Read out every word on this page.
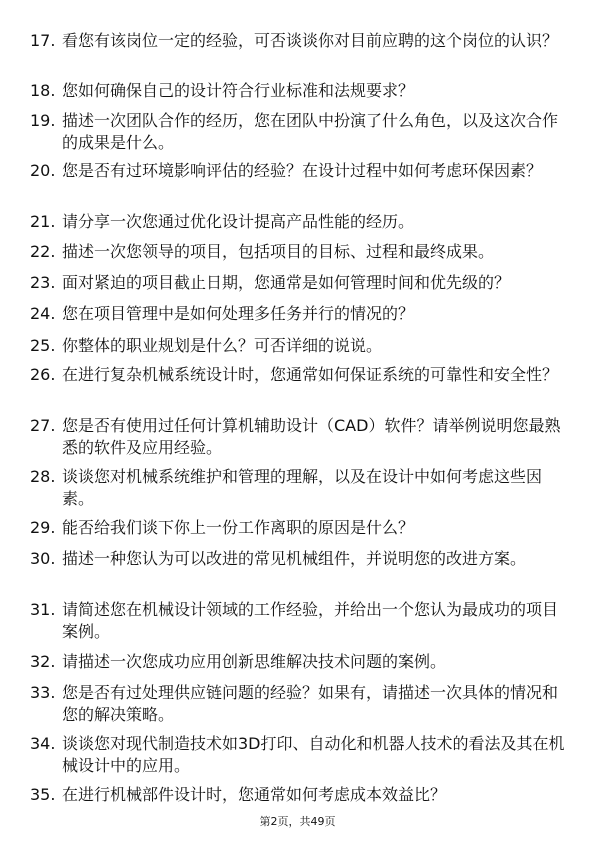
17. 看您有该岗位一定的经验，可否谈谈你对目前应聘的这个岗位的认识？
18. 您如何确保自己的设计符合行业标准和法规要求？
19. 描述一次团队合作的经历，您在团队中扮演了什么角色，以及这次合作的成果是什么。
20. 您是否有过环境影响评估的经验？在设计过程中如何考虑环保因素？
21. 请分享一次您通过优化设计提高产品性能的经历。
22. 描述一次您领导的项目，包括项目的目标、过程和最终成果。
23. 面对紧迫的项目截止日期，您通常是如何管理时间和优先级的？
24. 您在项目管理中是如何处理多任务并行的情况的？
25. 你整体的职业规划是什么？可否详细的说说。
26. 在进行复杂机械系统设计时，您通常如何保证系统的可靠性和安全性？
27. 您是否有使用过任何计算机辅助设计（CAD）软件？请举例说明您最熟悉的软件及应用经验。
28. 谈谈您对机械系统维护和管理的理解，以及在设计中如何考虑这些因素。
29. 能否给我们谈下你上一份工作离职的原因是什么？
30. 描述一种您认为可以改进的常见机械组件，并说明您的改进方案。
31. 请简述您在机械设计领域的工作经验，并给出一个您认为最成功的项目案例。
32. 请描述一次您成功应用创新思维解决技术问题的案例。
33. 您是否有过处理供应链问题的经验？如果有，请描述一次具体的情况和您的解决策略。
34. 谈谈您对现代制造技术如3D打印、自动化和机器人技术的看法及其在机械设计中的应用。
35. 在进行机械部件设计时，您通常如何考虑成本效益比？
第2页，共49页
